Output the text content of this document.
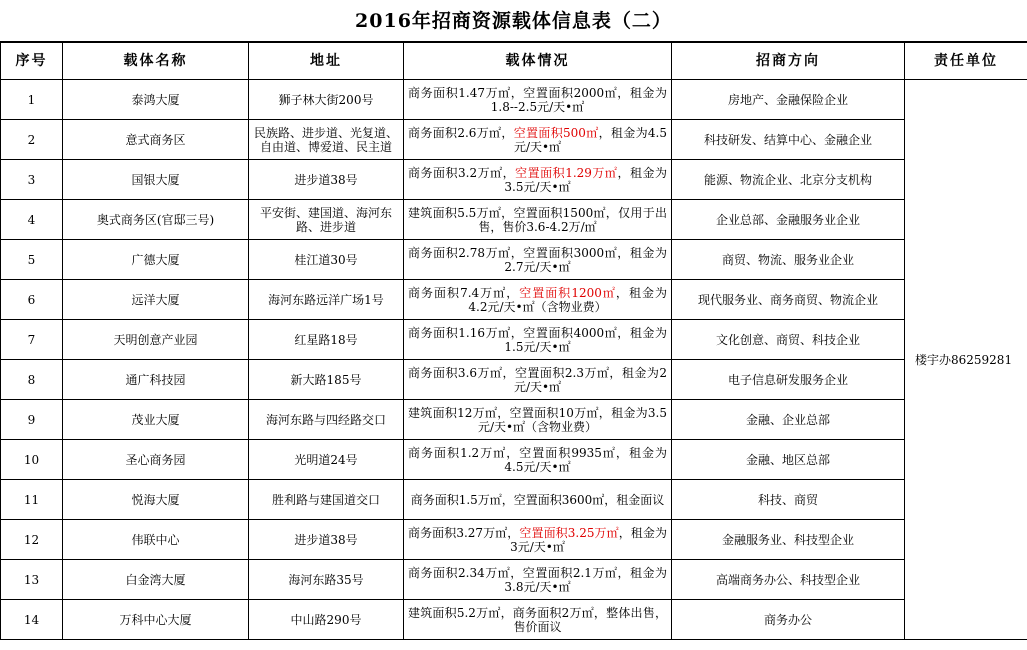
2016年招商资源载体信息表（二）
序号	载体名称	地址	载体情况	招商方向	责任单位
1	泰鸿大厦	狮子林大街200号	商务面积1.47万㎡，空置面积2000㎡，租金为1.8--2.5元/天•㎡	房地产、金融保险企业	楼宇办86259281
2	意式商务区	民族路、进步道、光复道、自由道、博爱道、民主道	商务面积2.6万㎡，空置面积500㎡，租金为4.5元/天•㎡	科技研发、结算中心、金融企业	
3	国银大厦	进步道38号	商务面积3.2万㎡，空置面积1.29万㎡，租金为3.5元/天•㎡	能源、物流企业、北京分支机构	
4	奥式商务区(官邸三号)	平安街、建国道、海河东路、进步道	建筑面积5.5万㎡，空置面积1500㎡，仅用于出售，售价3.6-4.2万/㎡	企业总部、金融服务业企业	
5	广德大厦	桂江道30号	商务面积2.78万㎡，空置面积3000㎡，租金为2.7元/天•㎡	商贸、物流、服务业企业	
6	远洋大厦	海河东路远洋广场1号	商务面积7.4万㎡，空置面积1200㎡，租金为4.2元/天•㎡（含物业费）	现代服务业、商务商贸、物流企业	
7	天明创意产业园	红星路18号	商务面积1.16万㎡，空置面积4000㎡，租金为1.5元/天•㎡	文化创意、商贸、科技企业	
8	通广科技园	新大路185号	商务面积3.6万㎡，空置面积2.3万㎡，租金为2元/天•㎡	电子信息研发服务企业	
9	茂业大厦	海河东路与四经路交口	建筑面积12万㎡，空置面积10万㎡，租金为3.5元/天•㎡（含物业费）	金融、企业总部	
10	圣心商务园	光明道24号	商务面积1.2万㎡，空置面积9935㎡，租金为4.5元/天•㎡	金融、地区总部	
11	悦海大厦	胜利路与建国道交口	商务面积1.5万㎡，空置面积3600㎡，租金面议	科技、商贸	
12	伟联中心	进步道38号	商务面积3.27万㎡，空置面积3.25万㎡，租金为3元/天•㎡	金融服务业、科技型企业	
13	白金湾大厦	海河东路35号	商务面积2.34万㎡，空置面积2.1万㎡，租金为3.8元/天•㎡	高端商务办公、科技型企业	
14	万科中心大厦	中山路290号	建筑面积5.2万㎡，商务面积2万㎡，整体出售，售价面议	商务办公	
